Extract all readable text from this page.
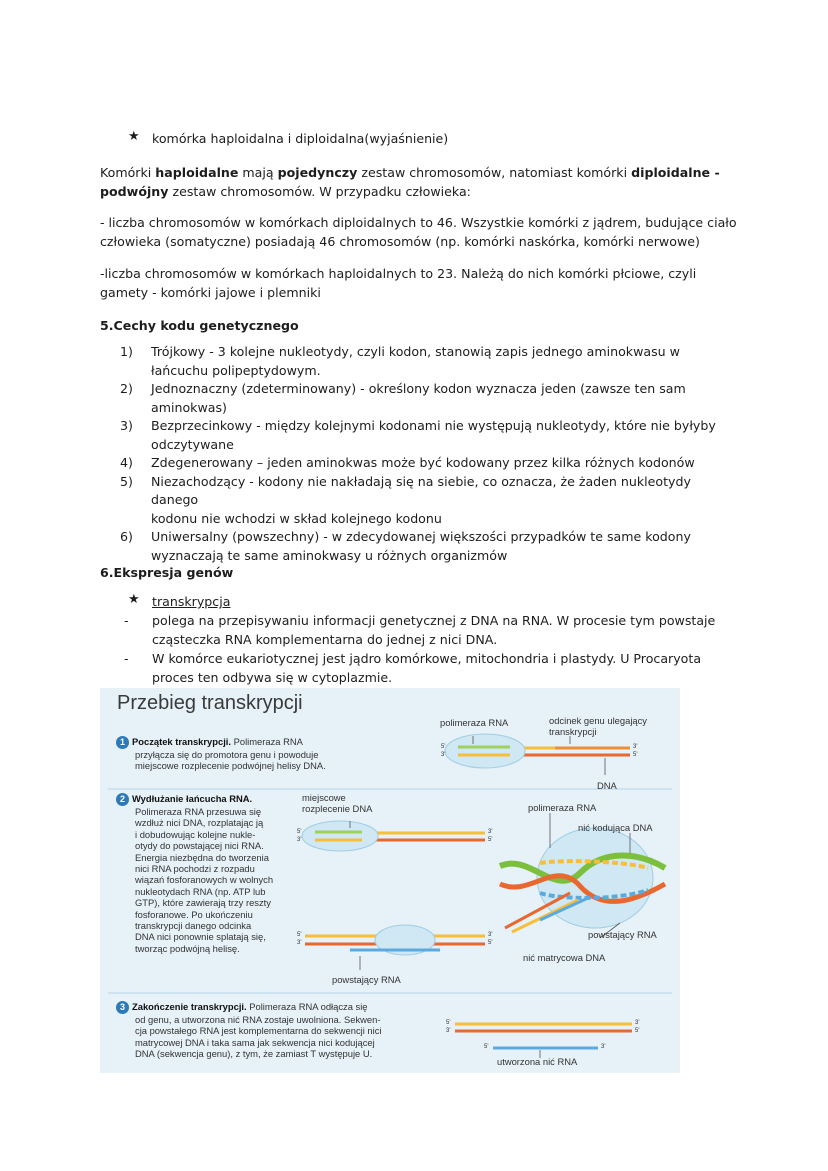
★ komórka haploidalna i diploidalna(wyjaśnienie)
Komórki haploidalne mają pojedynczy zestaw chromosomów, natomiast komórki diploidalne -
podwójny zestaw chromosomów. W przypadku człowieka:
- liczba chromosomów w komórkach diploidalnych to 46. Wszystkie komórki z jądrem, budujące ciało
człowieka (somatyczne) posiadają 46 chromosomów (np. komórki naskórka, komórki nerwowe)
-liczba chromosomów w komórkach haploidalnych to 23. Należą do nich komórki płciowe, czyli
gamety - komórki jajowe i plemniki
5.Cechy kodu genetycznego
1) Trójkowy - 3 kolejne nukleotydy, czyli kodon, stanowią zapis jednego aminokwasu w
łańcuchu polipeptydowym.
2) Jednoznaczny (zdeterminowany) - określony kodon wyznacza jeden (zawsze ten sam
aminokwas)
3) Bezprzecinkowy - między kolejnymi kodonami nie występują nukleotydy, które nie byłyby
odczytywane
4) Zdegenerowany – jeden aminokwas może być kodowany przez kilka różnych kodonów
5) Niezachodzący - kodony nie nakładają się na siebie, co oznacza, że żaden nukleotydy danego
kodonu nie wchodzi w skład kolejnego kodonu
6) Uniwersalny (powszechny) - w zdecydowanej większości przypadków te same kodony
wyznaczają te same aminokwasy u różnych organizmów
6.Ekspresja genów
★ transkrypcja
- polega na przepisywaniu informacji genetycznej z DNA na RNA. W procesie tym powstaje
cząsteczka RNA komplementarna do jednej z nici DNA.
- W komórce eukariotycznej jest jądro komórkowe, mitochondria i plastydy. U Procaryota
proces ten odbywa się w cytoplazmie.
Przebieg transkrypcji
1 Początek transkrypcji. Polimeraza RNA
przyłącza się do promotora genu i powoduje
miejscowe rozplecenie podwójnej helisy DNA.
2 Wydłużanie łańcucha RNA.
Polimeraza RNA przesuwa się
wzdłuż nici DNA, rozplatając ją
i dobudowując kolejne nukle-
otydy do powstającej nici RNA.
Energia niezbędna do tworzenia
nici RNA pochodzi z rozpadu
wiązań fosforanowych w wolnych
nukleotydach RNA (np. ATP lub
GTP), które zawierają trzy reszty
fosforanowe. Po ukończeniu
transkrypcji danego odcinka
DNA nici ponownie splatają się,
tworząc podwójną helisę.
3 Zakończenie transkrypcji. Polimeraza RNA odłącza się
od genu, a utworzona nić RNA zostaje uwolniona. Sekwen-
cja powstałego RNA jest komplementarna do sekwencji nici
matrycowej DNA i taka sama jak sekwencja nici kodującej
DNA (sekwencja genu), z tym, że zamiast T występuje U.
polimeraza RNA	odcinek genu ulegający
transkrypcji
DNA
miejscowe
rozplecenie DNA	polimeraza RNA
nić kodująca DNA
powstający RNA
nić matrycowa DNA
powstający RNA
utworzona nić RNA
5'
3'
3'
5'
5'
3'
3'
5'
5'
3'
3'
5'
5'
3'
3'
5'
5'	3'
